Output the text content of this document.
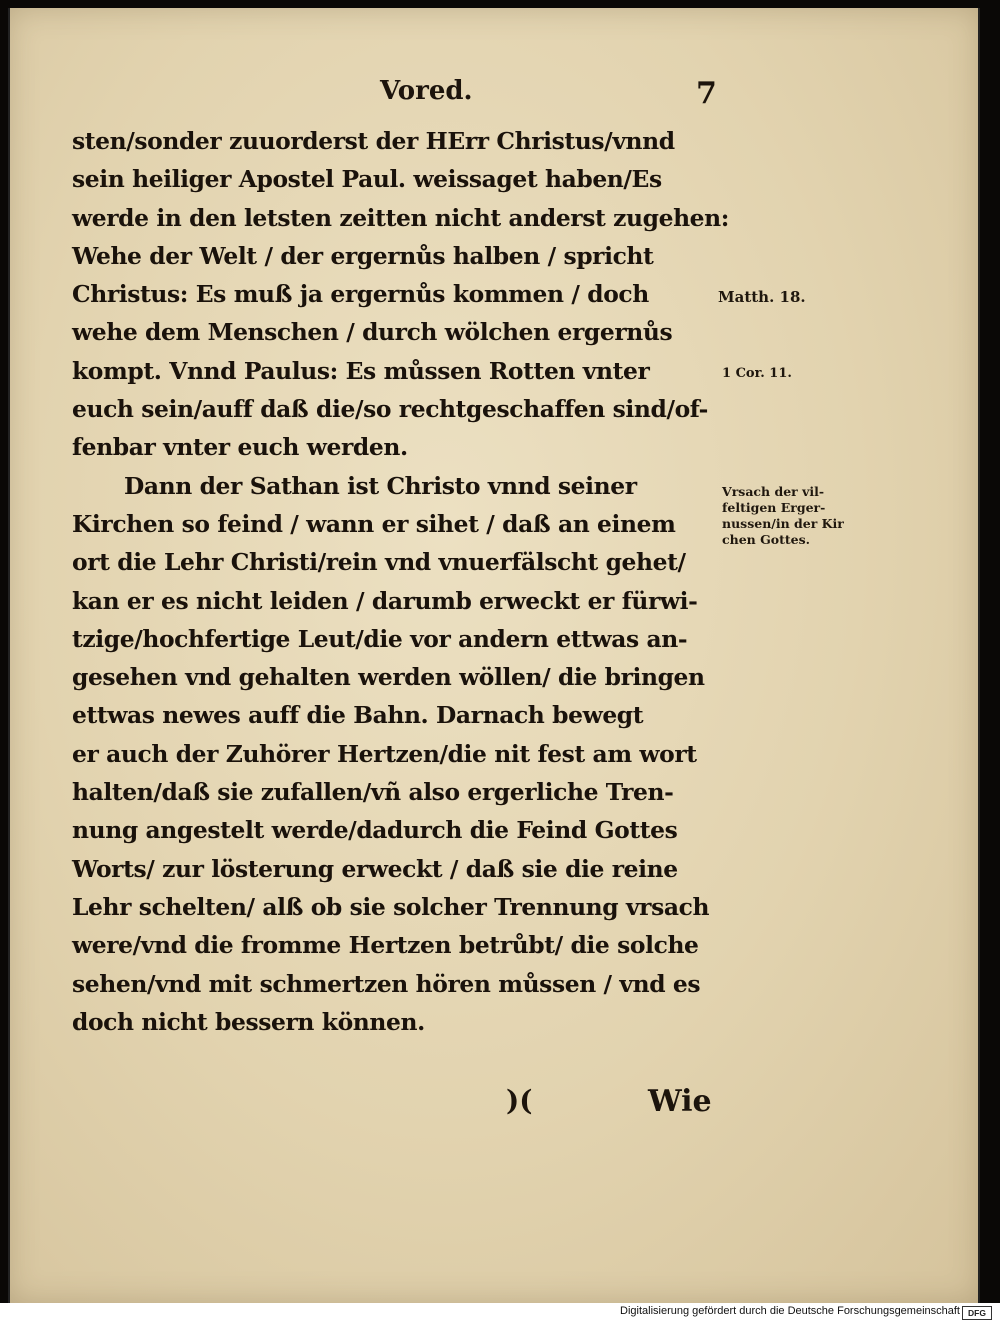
Vored.	7
sten/sonder zuuorderst der HErr Christus/vnnd
sein heiliger Apostel Paul. weissaget haben/Es
werde in den letsten zeitten nicht anderst zugehen:
Wehe der Welt / der ergernůs halben / spricht
Christus: Es muß ja ergernůs kommen / doch
wehe dem Menschen / durch wölchen ergernůs
kompt. Vnnd Paulus: Es můssen Rotten vnter
euch sein/auff daß die/so rechtgeschaffen sind/of-
fenbar vnter euch werden.
Dann der Sathan ist Christo vnnd seiner
Kirchen so feind / wann er sihet / daß an einem
ort die Lehr Christi/rein vnd vnuerfälscht gehet/
kan er es nicht leiden / darumb erweckt er fürwi-
tzige/hochfertige Leut/die vor andern ettwas an-
gesehen vnd gehalten werden wöllen/ die bringen
ettwas newes auff die Bahn. Darnach bewegt
er auch der Zuhörer Hertzen/die nit fest am wort
halten/daß sie zufallen/vñ also ergerliche Tren-
nung angestelt werde/dadurch die Feind Gottes
Worts/ zur lösterung erweckt / daß sie die reine
Lehr schelten/ alß ob sie solcher Trennung vrsach
were/vnd die fromme Hertzen betrůbt/ die solche
sehen/vnd mit schmertzen hören můssen / vnd es
doch nicht bessern können.
Matth. 18.
1 Cor. 11.
Vrsach der vil-
feltigen Erger-
nussen/in der Kir
chen Gottes.
)(	Wie
Digitalisierung gefördert durch die Deutsche Forschungsgemeinschaft DFG
